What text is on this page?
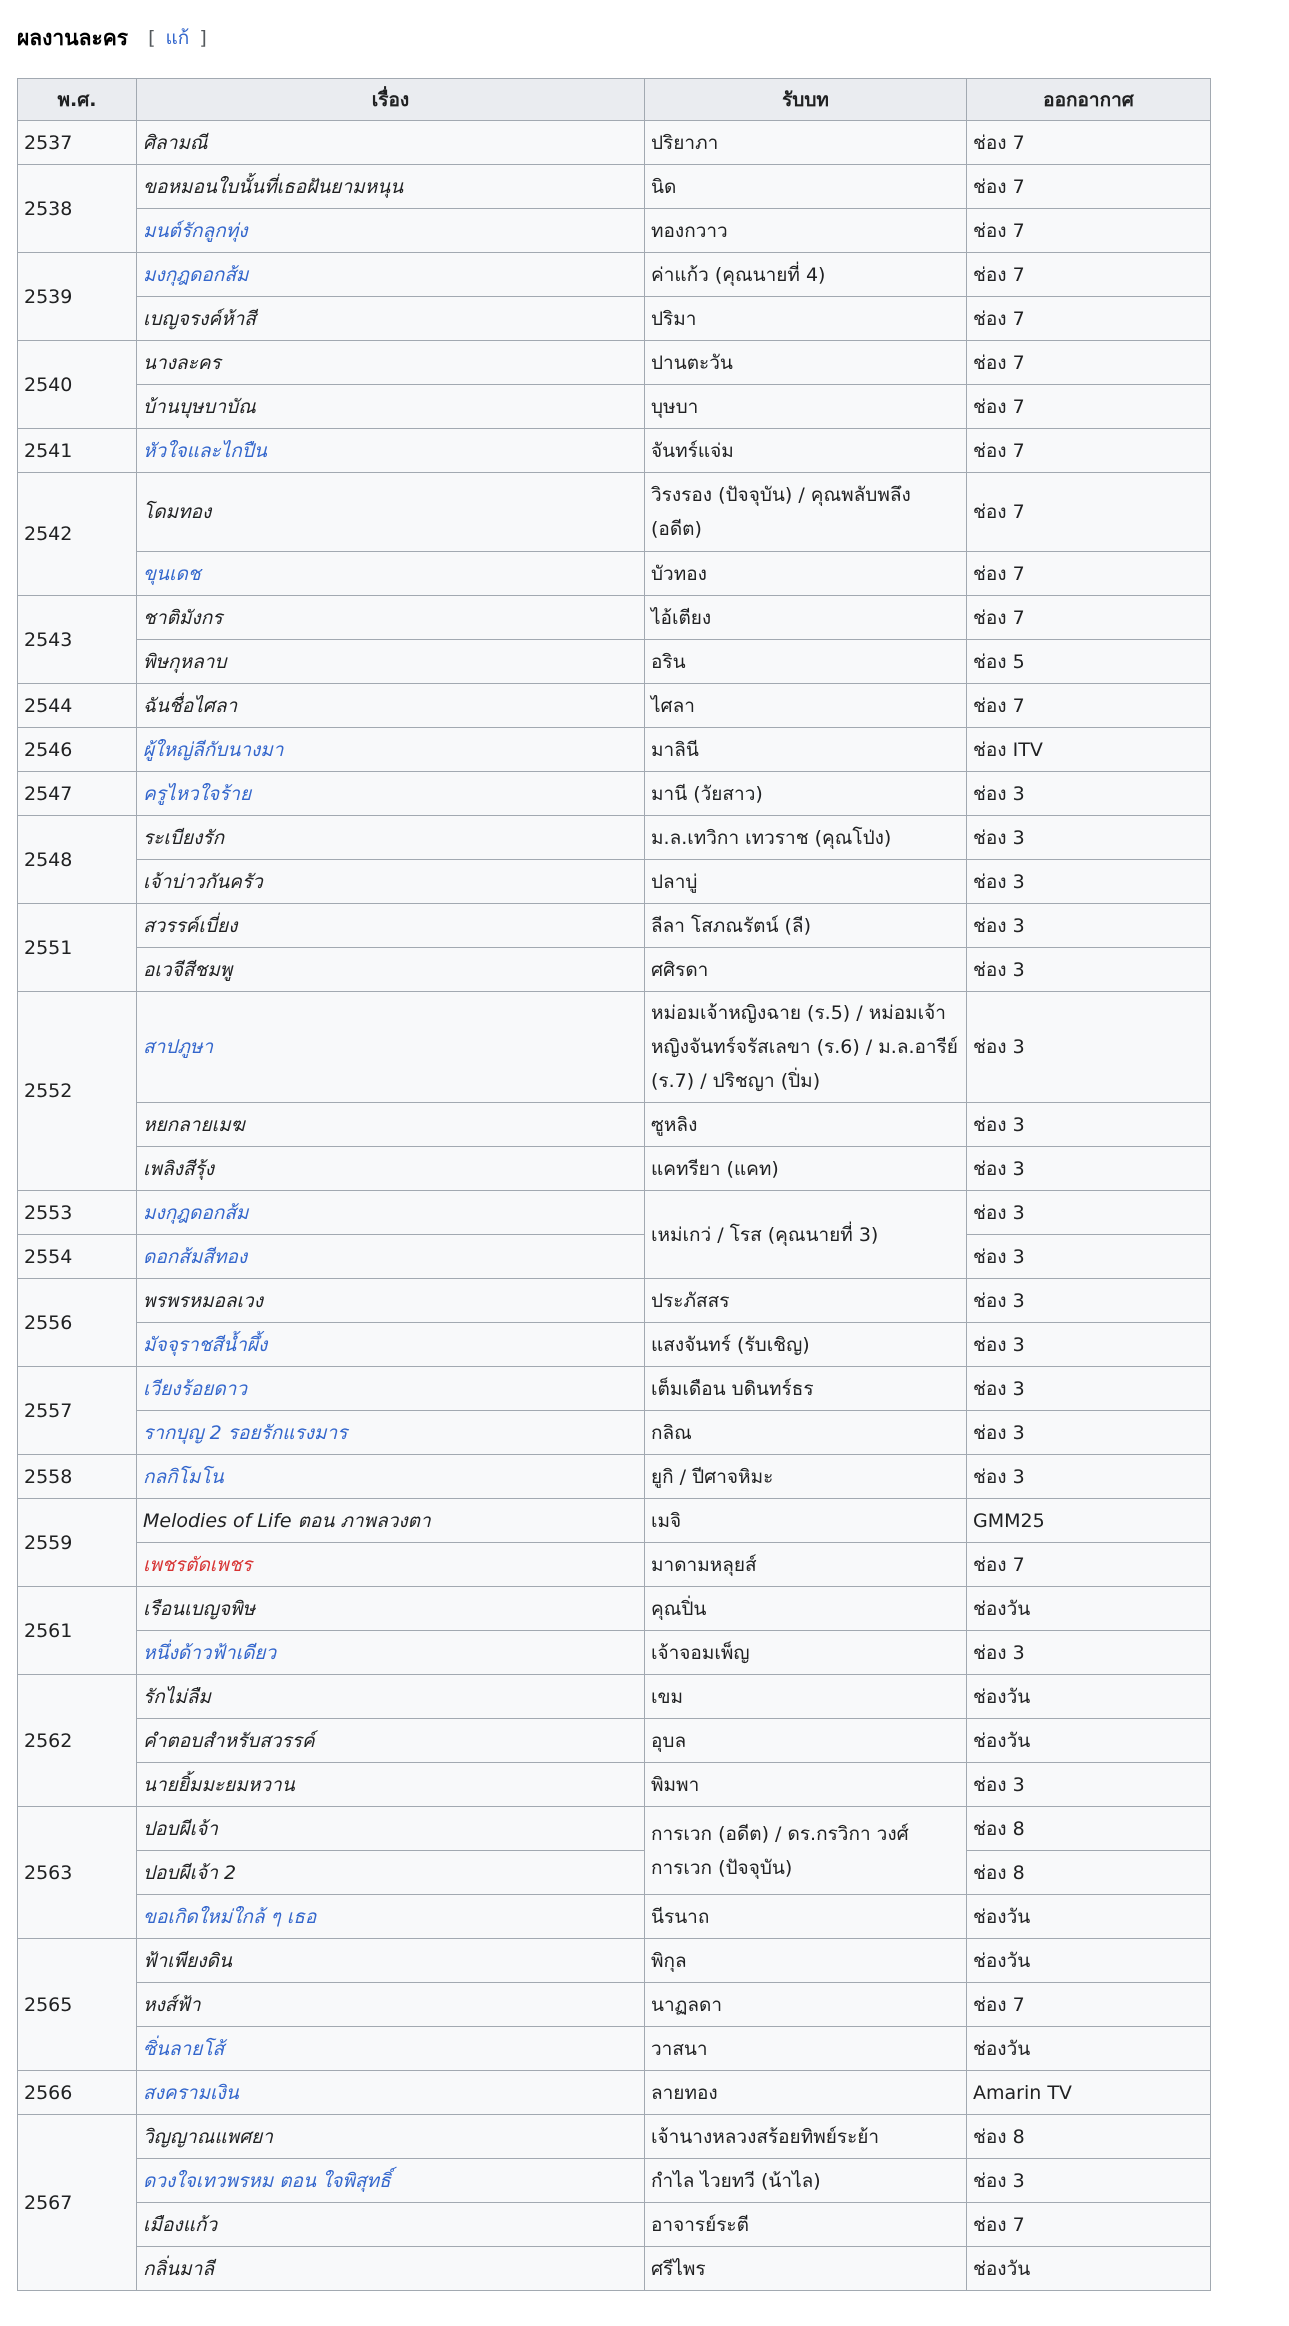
ผลงานละคร [ แก้ ]
พ.ศ.	เรื่อง	รับบท	ออกอากาศ
2537	ศิลามณี	ปริยาภา	ช่อง 7
2538	ขอหมอนใบนั้นที่เธอฝันยามหนุน	นิด	ช่อง 7
	มนต์รักลูกทุ่ง	ทองกวาว	ช่อง 7
2539	มงกุฎดอกส้ม	ค่าแก้ว (คุณนายที่ 4)	ช่อง 7
	เบญจรงค์ห้าสี	ปริมา	ช่อง 7
2540	นางละคร	ปานตะวัน	ช่อง 7
	บ้านบุษบาบัณ	บุษบา	ช่อง 7
2541	หัวใจและไกปืน	จันทร์แจ่ม	ช่อง 7
2542	โดมทอง	วิรงรอง (ปัจจุบัน) / คุณพลับพลึง (อดีต)	ช่อง 7
	ขุนเดช	บัวทอง	ช่อง 7
2543	ชาติมังกร	ไอ้เตียง	ช่อง 7
	พิษกุหลาบ	อริน	ช่อง 5
2544	ฉันชื่อไศลา	ไศลา	ช่อง 7
2546	ผู้ใหญ่ลีกับนางมา	มาลินี	ช่อง ITV
2547	ครูไหวใจร้าย	มานี (วัยสาว)	ช่อง 3
2548	ระเบียงรัก	ม.ล.เทวิกา เทวราช (คุณโป่ง)	ช่อง 3
	เจ้าบ่าวกันครัว	ปลาบู่	ช่อง 3
2551	สวรรค์เบี่ยง	ลีลา โสภณรัตน์ (ลี)	ช่อง 3
	อเวจีสีชมพู	ศศิรดา	ช่อง 3
2552	สาปภูษา	หม่อมเจ้าหญิงฉาย (ร.5) / หม่อมเจ้าหญิงจันทร์จรัสเลขา (ร.6) / ม.ล.อารีย์ (ร.7) / ปริชญา (ปิ่ม)	ช่อง 3
	หยกลายเมฆ	ซูหลิง	ช่อง 3
	เพลิงสีรุ้ง	แคทรียา (แคท)	ช่อง 3
2553	มงกุฎดอกส้ม	เหม่เกว่ / โรส (คุณนายที่ 3)	ช่อง 3
2554	ดอกส้มสีทอง		ช่อง 3
2556	พรพรหมอลเวง	ประภัสสร	ช่อง 3
	มัจจุราชสีน้ำผึ้ง	แสงจันทร์ (รับเชิญ)	ช่อง 3
2557	เวียงร้อยดาว	เต็มเดือน บดินทร์ธร	ช่อง 3
	รากบุญ 2 รอยรักแรงมาร	กลิณ	ช่อง 3
2558	กลกิโมโน	ยูกิ / ปีศาจหิมะ	ช่อง 3
2559	Melodies of Life ตอน ภาพลวงตา	เมจิ	GMM25
	เพชรตัดเพชร	มาดามหลุยส์	ช่อง 7
2561	เรือนเบญจพิษ	คุณปิ่น	ช่องวัน
	หนึ่งด้าวฟ้าเดียว	เจ้าจอมเพ็ญ	ช่อง 3
2562	รักไม่ลืม	เขม	ช่องวัน
	คำตอบสำหรับสวรรค์	อุบล	ช่องวัน
	นายยิ้มมะยมหวาน	พิมพา	ช่อง 3
2563	ปอบผีเจ้า	การเวก (อดีต) / ดร.กรวิกา วงศ์การเวก (ปัจจุบัน)	ช่อง 8
	ปอบผีเจ้า 2		ช่อง 8
	ขอเกิดใหม่ใกล้ ๆ เธอ	นีรนาถ	ช่องวัน
2565	ฟ้าเพียงดิน	พิกุล	ช่องวัน
	หงส์ฟ้า	นาฏลดา	ช่อง 7
	ซิ่นลายโส้	วาสนา	ช่องวัน
2566	สงครามเงิน	ลายทอง	Amarin TV
2567	วิญญาณแพศยา	เจ้านางหลวงสร้อยทิพย์ระย้า	ช่อง 8
	ดวงใจเทวพรหม ตอน ใจพิสุทธิ์	กำไล ไวยทวี (น้าไล)	ช่อง 3
	เมืองแก้ว	อาจารย์ระตี	ช่อง 7
	กลิ่นมาลี	ศรีไพร	ช่องวัน
